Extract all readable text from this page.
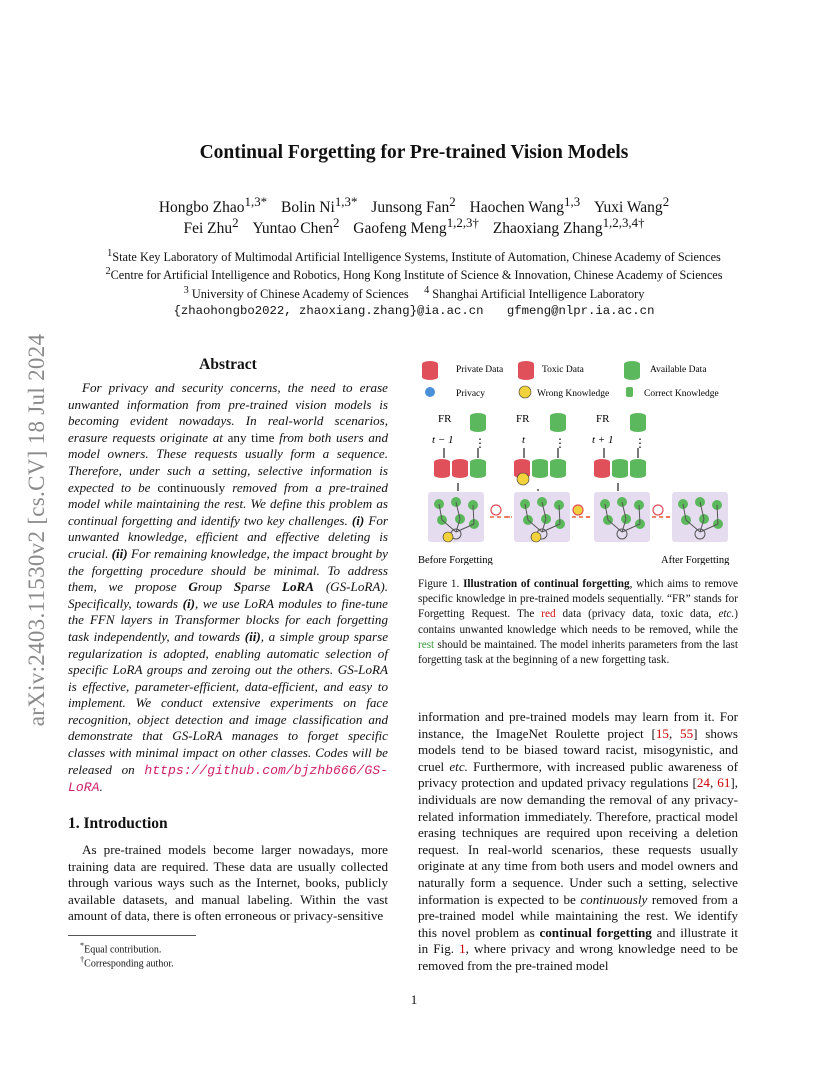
arXiv:2403.11530v2 [cs.CV] 18 Jul 2024
Continual Forgetting for Pre-trained Vision Models
Hongbo Zhao$^{1,3*}$ Bolin $Ni^{1,3*}$ Junsong Fan$^2$ Haochen Wang$^{1,3}$ Yuxi Wang$^2$
Fei Zhu$^2$ Yuntao Chen$^2$ Gaofeng Meng$^{1,2,3\dagger}$ Zhaoxiang Zhang$^{1,2,3,4\dagger}$
$^1$State Key Laboratory of Multimodal Artificial Intelligence Systems, Institute of Automation, Chinese Academy of Sciences
$^2$Centre for Artificial Intelligence and Robotics, Hong Kong Institute of Science & Innovation, Chinese Academy of Sciences
$^3$ University of Chinese Academy of Sciences $^4$ Shanghai Artificial Intelligence Laboratory
{zhaohongbo2022, zhaoxiang.zhang}@ia.ac.cn gfmeng@nlpr.ia.ac.cn
Abstract
For privacy and security concerns, the need to erase unwanted information from pre-trained vision models is becoming evident nowadays. In real-world scenarios, erasure requests originate at any time from both users and model owners. These requests usually form a sequence. Therefore, under such a setting, selective information is expected to be continuously removed from a pre-trained model while maintaining the rest. We define this problem as continual forgetting and identify two key challenges. (i) For unwanted knowledge, efficient and effective deleting is crucial. (ii) For remaining knowledge, the impact brought by the forgetting procedure should be minimal. To address them, we propose Group Sparse LoRA (GS-LoRA). Specifically, towards (i), we use LoRA modules to fine-tune the FFN layers in Transformer blocks for each forgetting task independently, and towards (ii), a simple group sparse regularization is adopted, enabling automatic selection of specific LoRA groups and zeroing out the others. GS-LoRA is effective, parameter-efficient, data-efficient, and easy to implement. We conduct extensive experiments on face recognition, object detection and image classification and demonstrate that GS-LoRA manages to forget specific classes with minimal impact on other classes. Codes will be released on https://github.com/bjzhb666/GS-LoRA.
1. Introduction
As pre-trained models become larger nowadays, more training data are required. These data are usually collected through various ways such as the Internet, books, publicly available datasets, and manual labeling. Within the vast amount of data, there is often erroneous or privacy-sensitive
*Equal contribution.
†Corresponding author.
Private Data	Toxic Data	Available Data
Privacy	Wrong Knowledge	Correct Knowledge
FR	FR	FR
t − 1	t	t + 1
⋮	⋮	⋮
Before Forgetting	After Forgetting
Figure 1. Illustration of continual forgetting, which aims to remove specific knowledge in pre-trained models sequentially. “FR” stands for Forgetting Request. The red data (privacy data, toxic data, etc.) contains unwanted knowledge which needs to be removed, while the rest should be maintained. The model inherits parameters from the last forgetting task at the beginning of a new forgetting task.
information and pre-trained models may learn from it. For instance, the ImageNet Roulette project [15, 55] shows models tend to be biased toward racist, misogynistic, and cruel etc. Furthermore, with increased public awareness of privacy protection and updated privacy regulations [24, 61], individuals are now demanding the removal of any privacy-related information immediately. Therefore, practical model erasing techniques are required upon receiving a deletion request. In real-world scenarios, these requests usually originate at any time from both users and model owners and naturally form a sequence. Under such a setting, selective information is expected to be continuously removed from a pre-trained model while maintaining the rest. We identify this novel problem as continual forgetting and illustrate it in Fig. 1, where privacy and wrong knowledge need to be removed from the pre-trained model
1
